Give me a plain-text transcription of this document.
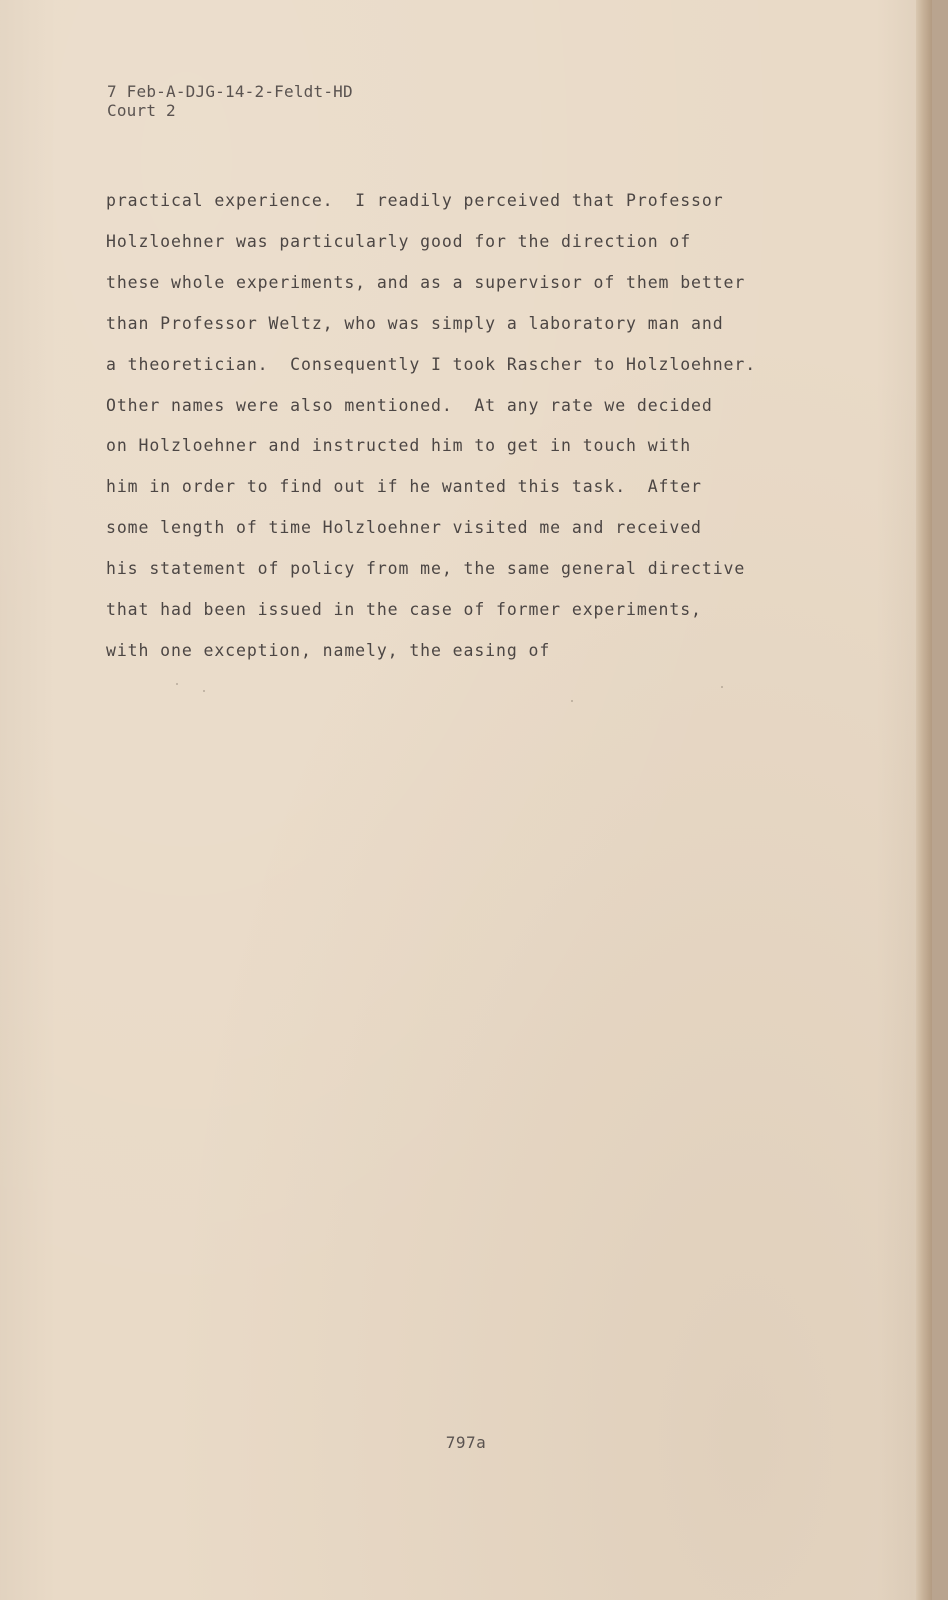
7 Feb-A-DJG-14-2-Feldt-HD
Court 2
practical experience.  I readily perceived that Professor
Holzloehner was particularly good for the direction of
these whole experiments, and as a supervisor of them better
than Professor Weltz, who was simply a laboratory man and
a theoretician.  Consequently I took Rascher to Holzloehner.
Other names were also mentioned.  At any rate we decided
on Holzloehner and instructed him to get in touch with
him in order to find out if he wanted this task.  After
some length of time Holzloehner visited me and received
his statement of policy from me, the same general directive
that had been issued in the case of former experiments,
with one exception, namely, the easing of
797a
